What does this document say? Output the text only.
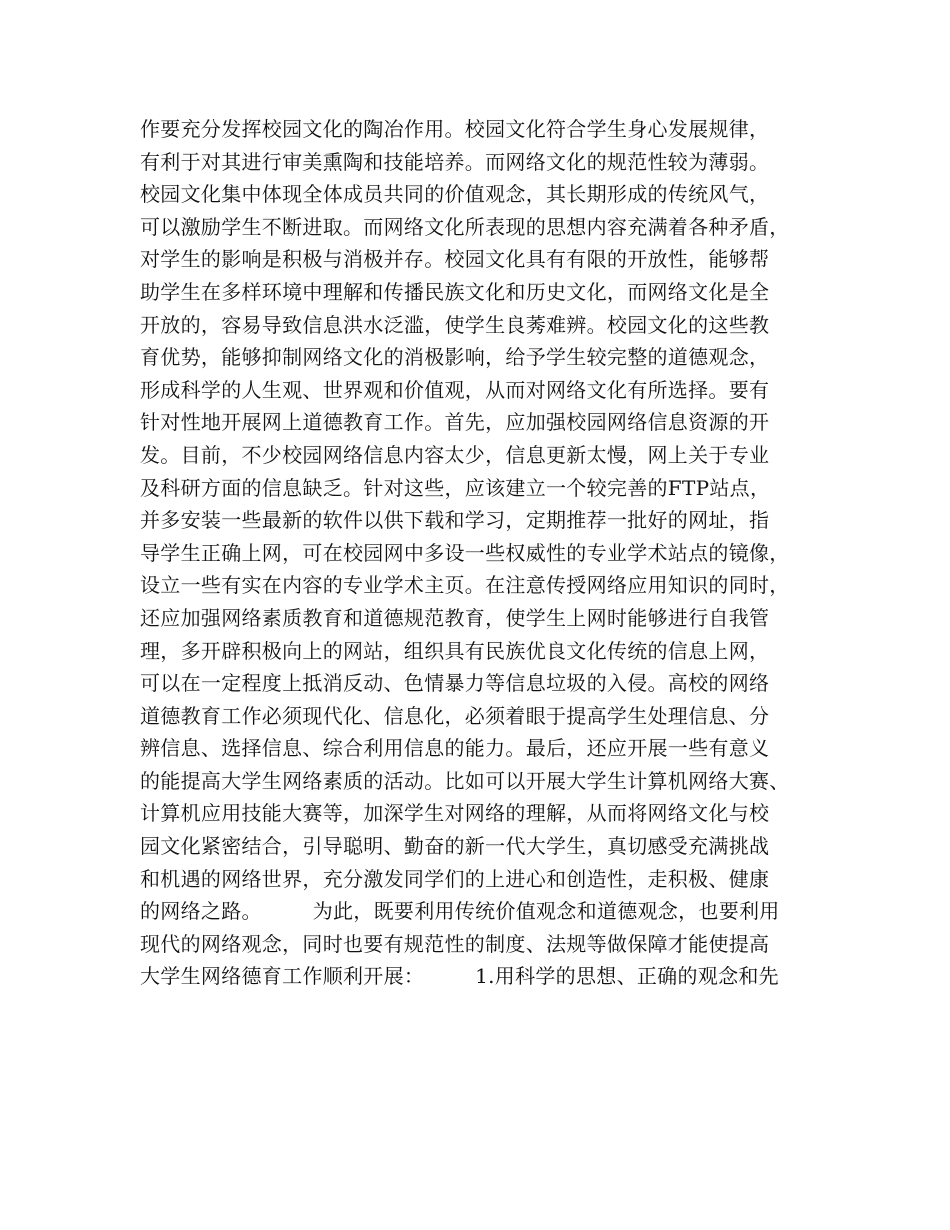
作要充分发挥校园文化的陶冶作用。校园文化符合学生身心发展规律，
有利于对其进行审美熏陶和技能培养。而网络文化的规范性较为薄弱。
校园文化集中体现全体成员共同的价值观念，其长期形成的传统风气，
可以激励学生不断进取。而网络文化所表现的思想内容充满着各种矛盾，
对学生的影响是积极与消极并存。校园文化具有有限的开放性，能够帮
助学生在多样环境中理解和传播民族文化和历史文化，而网络文化是全
开放的，容易导致信息洪水泛滥，使学生良莠难辨。校园文化的这些教
育优势，能够抑制网络文化的消极影响，给予学生较完整的道德观念，
形成科学的人生观、世界观和价值观，从而对网络文化有所选择。要有
针对性地开展网上道德教育工作。首先，应加强校园网络信息资源的开
发。目前，不少校园网络信息内容太少，信息更新太慢，网上关于专业
及科研方面的信息缺乏。针对这些，应该建立一个较完善的FTP站点，
并多安装一些最新的软件以供下载和学习，定期推荐一批好的网址，指
导学生正确上网，可在校园网中多设一些权威性的专业学术站点的镜像，
设立一些有实在内容的专业学术主页。在注意传授网络应用知识的同时，
还应加强网络素质教育和道德规范教育，使学生上网时能够进行自我管
理，多开辟积极向上的网站，组织具有民族优良文化传统的信息上网，
可以在一定程度上抵消反动、色情暴力等信息垃圾的入侵。高校的网络
道德教育工作必须现代化、信息化，必须着眼于提高学生处理信息、分
辨信息、选择信息、综合利用信息的能力。最后，还应开展一些有意义
的能提高大学生网络素质的活动。比如可以开展大学生计算机网络大赛、
计算机应用技能大赛等，加深学生对网络的理解，从而将网络文化与校
园文化紧密结合，引导聪明、勤奋的新一代大学生，真切感受充满挑战
和机遇的网络世界，充分激发同学们的上进心和创造性，走积极、健康
的网络之路。　　　为此，既要利用传统价值观念和道德观念，也要利用
现代的网络观念，同时也要有规范性的制度、法规等做保障才能使提高
大学生网络德育工作顺利开展：　　　1.用科学的思想、正确的观念和先
